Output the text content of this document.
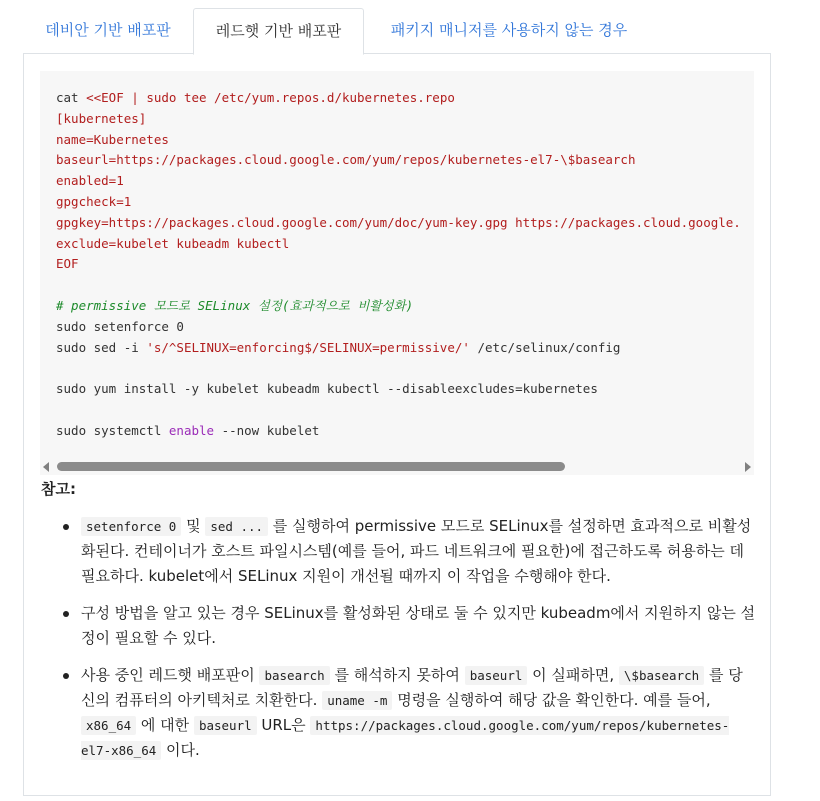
데비안 기반 배포판	레드햇 기반 배포판	패키지 매니저를 사용하지 않는 경우
cat <<EOF | sudo tee /etc/yum.repos.d/kubernetes.repo
[kubernetes]
name=Kubernetes
baseurl=https://packages.cloud.google.com/yum/repos/kubernetes-el7-\$basearch
enabled=1
gpgcheck=1
gpgkey=https://packages.cloud.google.com/yum/doc/yum-key.gpg https://packages.cloud.google.
exclude=kubelet kubeadm kubectl
EOF
# permissive 모드로 SELinux 설정(효과적으로 비활성화)
sudo setenforce 0
sudo sed -i 's/^SELINUX=enforcing$/SELINUX=permissive/' /etc/selinux/config
sudo yum install -y kubelet kubeadm kubectl --disableexcludes=kubernetes
sudo systemctl enable --now kubelet
참고:
setenforce 0 및 sed ... 를 실행하여 permissive 모드로 SELinux를 설정하면 효과적으로 비활성화된다. 컨테이너가 호스트 파일시스템(예를 들어, 파드 네트워크에 필요한)에 접근하도록 허용하는 데 필요하다. kubelet에서 SELinux 지원이 개선될 때까지 이 작업을 수행해야 한다.
구성 방법을 알고 있는 경우 SELinux를 활성화된 상태로 둘 수 있지만 kubeadm에서 지원하지 않는 설정이 필요할 수 있다.
사용 중인 레드햇 배포판이 basearch 를 해석하지 못하여 baseurl 이 실패하면, \$basearch 를 당신의 컴퓨터의 아키텍처로 치환한다. uname -m 명령을 실행하여 해당 값을 확인한다. 예를 들어, x86_64 에 대한 baseurl URL은 https://packages.cloud.google.com/yum/repos/kubernetes-el7-x86_64 이다.
